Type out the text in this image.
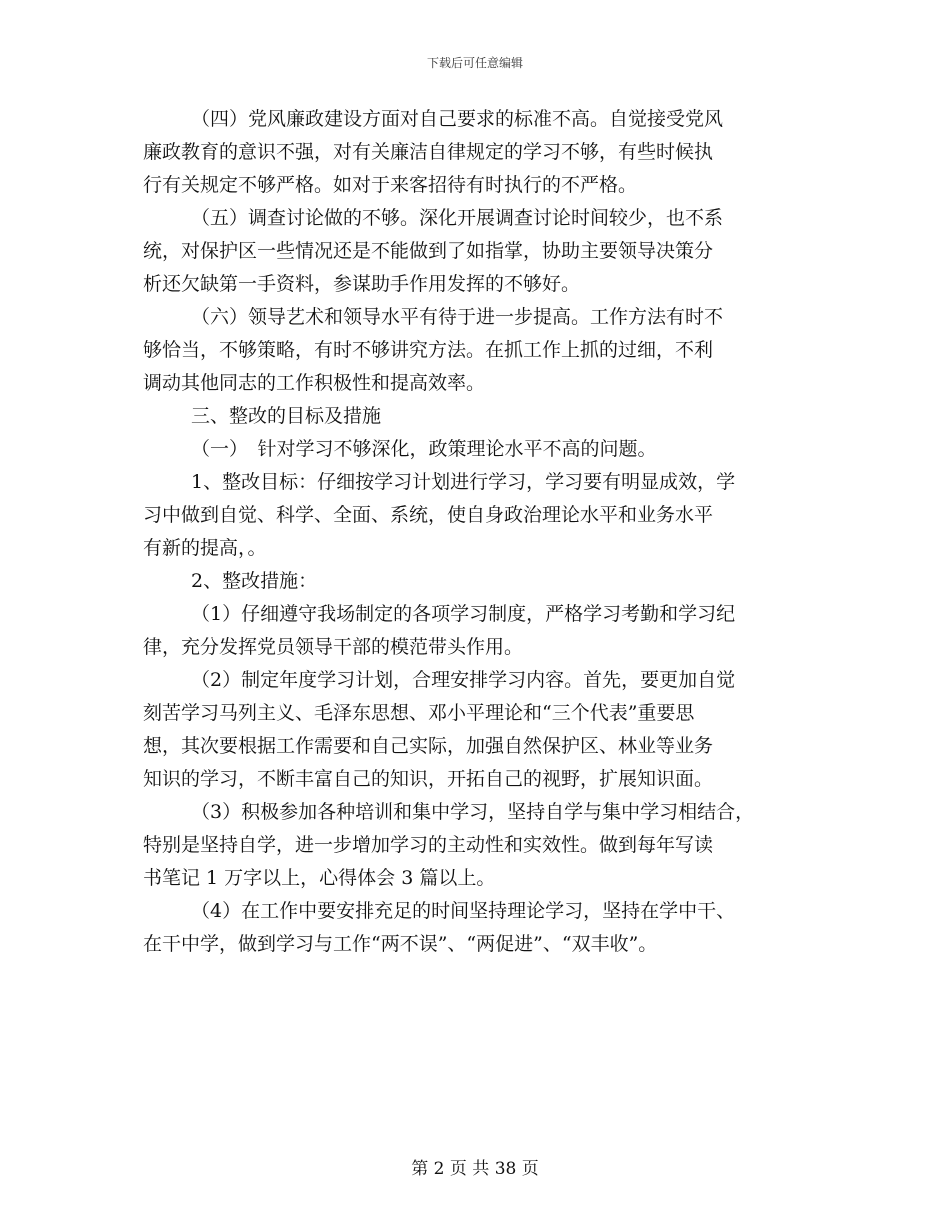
下载后可任意编辑
（四）党风廉政建设方面对自己要求的标准不高。自觉接受党风
廉政教育的意识不强，对有关廉洁自律规定的学习不够，有些时候执
行有关规定不够严格。如对于来客招待有时执行的不严格。
（五）调查讨论做的不够。深化开展调查讨论时间较少，也不系
统，对保护区一些情况还是不能做到了如指掌，协助主要领导决策分
析还欠缺第一手资料，参谋助手作用发挥的不够好。
（六）领导艺术和领导水平有待于进一步提高。工作方法有时不
够恰当，不够策略，有时不够讲究方法。在抓工作上抓的过细，不利
调动其他同志的工作积极性和提高效率。
三、整改的目标及措施
（一）　针对学习不够深化，政策理论水平不高的问题。
1、整改目标：仔细按学习计划进行学习，学习要有明显成效，学
习中做到自觉、科学、全面、系统，使自身政治理论水平和业务水平
有新的提高，。
2、整改措施：
（1）仔细遵守我场制定的各项学习制度，严格学习考勤和学习纪
律，充分发挥党员领导干部的模范带头作用。
（2）制定年度学习计划，合理安排学习内容。首先，要更加自觉
刻苦学习马列主义、毛泽东思想、邓小平理论和“三个代表”重要思
想，其次要根据工作需要和自己实际，加强自然保护区、林业等业务
知识的学习，不断丰富自己的知识，开拓自己的视野，扩展知识面。
（3）积极参加各种培训和集中学习，坚持自学与集中学习相结合，
特别是坚持自学，进一步增加学习的主动性和实效性。做到每年写读
书笔记 1 万字以上，心得体会 3 篇以上。
（4）在工作中要安排充足的时间坚持理论学习，坚持在学中干、
在干中学，做到学习与工作“两不误”、“两促进”、“双丰收”。
第 2 页 共 38 页
